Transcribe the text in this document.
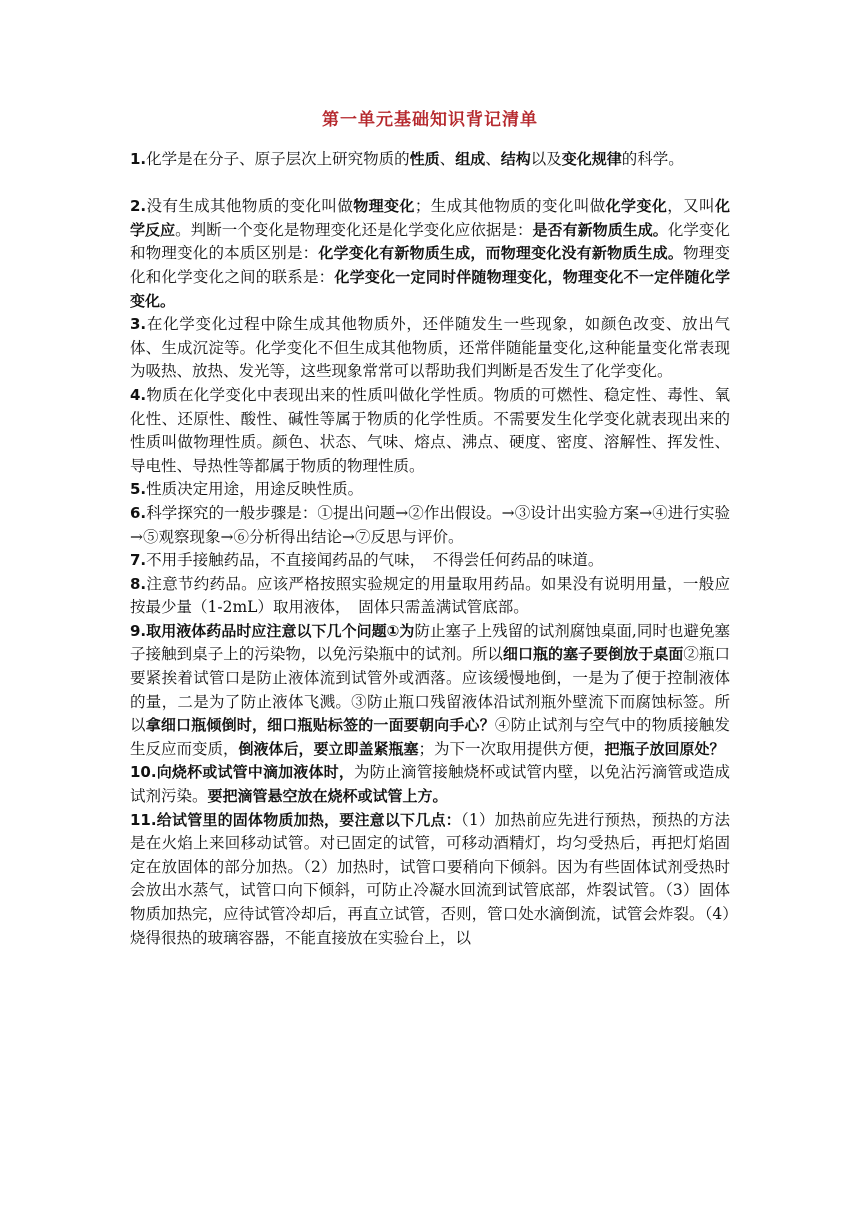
第一单元基础知识背记清单

1.化学是在分子、原子层次上研究物质的性质、组成、结构以及变化规律的科学。

2.没有生成其他物质的变化叫做物理变化；生成其他物质的变化叫做化学变化，又叫化学反应。判断一个变化是物理变化还是化学变化应依据是：是否有新物质生成。化学变化和物理变化的本质区别是：化学变化有新物质生成，而物理变化没有新物质生成。物理变化和化学变化之间的联系是：化学变化一定同时伴随物理变化，物理变化不一定伴随化学变化。

3.在化学变化过程中除生成其他物质外，还伴随发生一些现象，如颜色改变、放出气体、生成沉淀等。化学变化不但生成其他物质，还常伴随能量变化,这种能量变化常表现为吸热、放热、发光等，这些现象常常可以帮助我们判断是否发生了化学变化。

4.物质在化学变化中表现出来的性质叫做化学性质。物质的可燃性、稳定性、毒性、氧化性、还原性、酸性、碱性等属于物质的化学性质。不需要发生化学变化就表现出来的性质叫做物理性质。颜色、状态、气味、熔点、沸点、硬度、密度、溶解性、挥发性、导电性、导热性等都属于物质的物理性质。

5.性质决定用途，用途反映性质。

6.科学探究的一般步骤是：①提出问题→②作出假设。→③设计出实验方案→④进行实验→⑤观察现象→⑥分析得出结论→⑦反思与评价。

7.不用手接触药品，不直接闻药品的气味，　不得尝任何药品的味道。

8.注意节约药品。应该严格按照实验规定的用量取用药品。如果没有说明用量，一般应按最少量（1-2mL）取用液体，　固体只需盖满试管底部。

9.取用液体药品时应注意以下几个问题①为防止塞子上残留的试剂腐蚀桌面,同时也避免塞子接触到桌子上的污染物，以免污染瓶中的试剂。所以细口瓶的塞子要倒放于桌面②瓶口要紧挨着试管口是防止液体流到试管外或洒落。应该缓慢地倒，一是为了便于控制液体的量，二是为了防止液体飞溅。③防止瓶口残留液体沿试剂瓶外壁流下而腐蚀标签。所以拿细口瓶倾倒时，细口瓶贴标签的一面要朝向手心？④防止试剂与空气中的物质接触发生反应而变质，倒液体后，要立即盖紧瓶塞；为下一次取用提供方便，把瓶子放回原处？

10.向烧杯或试管中滴加液体时，为防止滴管接触烧杯或试管内壁，以免沾污滴管或造成试剂污染。要把滴管悬空放在烧杯或试管上方。

11.给试管里的固体物质加热，要注意以下几点：（1）加热前应先进行预热，预热的方法是在火焰上来回移动试管。对已固定的试管，可移动酒精灯，均匀受热后，再把灯焰固定在放固体的部分加热。（2）加热时，试管口要稍向下倾斜。因为有些固体试剂受热时会放出水蒸气，试管口向下倾斜，可防止冷凝水回流到试管底部，炸裂试管。（3）固体物质加热完，应待试管冷却后，再直立试管，否则，管口处水滴倒流，试管会炸裂。（4）烧得很热的玻璃容器，不能直接放在实验台上，以
